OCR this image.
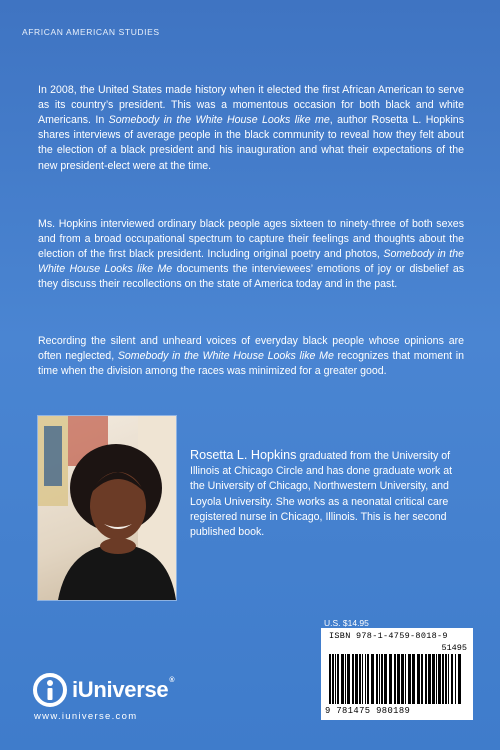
AFRICAN AMERICAN STUDIES

In 2008, the United States made history when it elected the first African American to serve as its country’s president. This was a momentous occasion for both black and white Americans. In Somebody in the White House Looks like me, author Rosetta L. Hopkins shares interviews of average people in the black community to reveal how they felt about the election of a black president and his inauguration and what their expectations of the new president-elect were at the time.

Ms. Hopkins interviewed ordinary black people ages sixteen to ninety-three of both sexes and from a broad occupational spectrum to capture their feelings and thoughts about the election of the first black president. Including original poetry and photos, Somebody in the White House Looks like Me documents the interviewees’ emotions of joy or disbelief as they discuss their recollections on the state of America today and in the past.

Recording the silent and unheard voices of everyday black people whose opinions are often neglected, Somebody in the White House Looks like Me recognizes that moment in time when the division among the races was minimized for a greater good.

Rosetta L. Hopkins graduated from the University of Illinois at Chicago Circle and has done graduate work at the University of Chicago, Northwestern University, and Loyola University. She works as a neonatal critical care registered nurse in Chicago, Illinois. This is her second published book.
U.S. $14.95
ISBN 978-1-4759-8018-9
51495
9 781475 980189
iUniverse®
www.iuniverse.com
